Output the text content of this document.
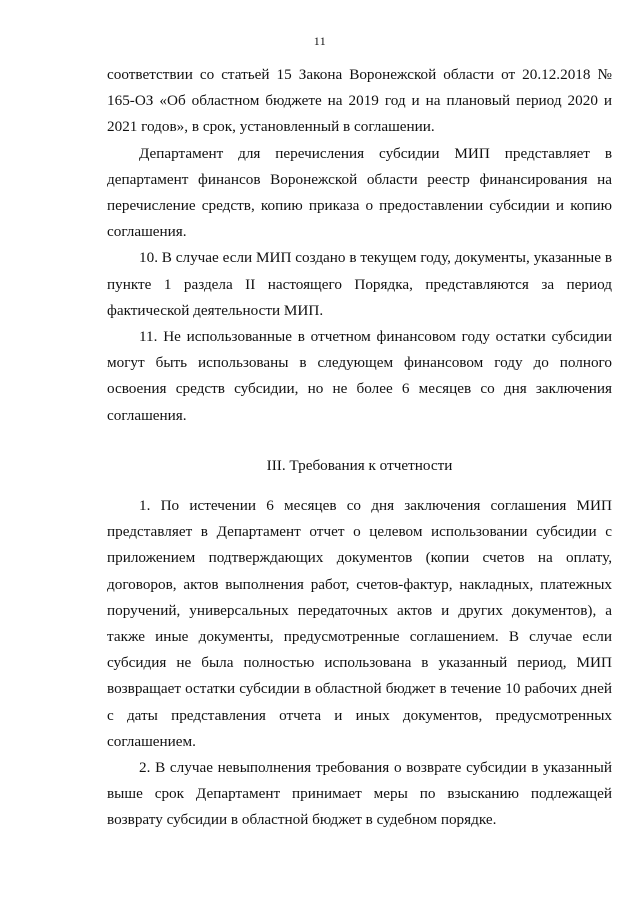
11

соответствии со статьей 15 Закона Воронежской области от 20.12.2018 № 165-ОЗ «Об областном бюджете на 2019 год и на плановый период 2020 и 2021 годов», в срок, установленный в соглашении.

Департамент для перечисления субсидии МИП представляет в департамент финансов Воронежской области реестр финансирования на перечисление средств, копию приказа о предоставлении субсидии и копию соглашения.

10. В случае если МИП создано в текущем году, документы, указанные в пункте 1 раздела II настоящего Порядка, представляются за период фактической деятельности МИП.

11. Не использованные в отчетном финансовом году остатки субсидии могут быть использованы в следующем финансовом году до полного освоения средств субсидии, но не более 6 месяцев со дня заключения соглашения.

III. Требования к отчетности

1. По истечении 6 месяцев со дня заключения соглашения МИП представляет в Департамент отчет о целевом использовании субсидии с приложением подтверждающих документов (копии счетов на оплату, договоров, актов выполнения работ, счетов-фактур, накладных, платежных поручений, универсальных передаточных актов и других документов), а также иные документы, предусмотренные соглашением. В случае если субсидия не была полностью использована в указанный период, МИП возвращает остатки субсидии в областной бюджет в течение 10 рабочих дней с даты представления отчета и иных документов, предусмотренных соглашением.

2. В случае невыполнения требования о возврате субсидии в указанный выше срок Департамент принимает меры по взысканию подлежащей возврату субсидии в областной бюджет в судебном порядке.
